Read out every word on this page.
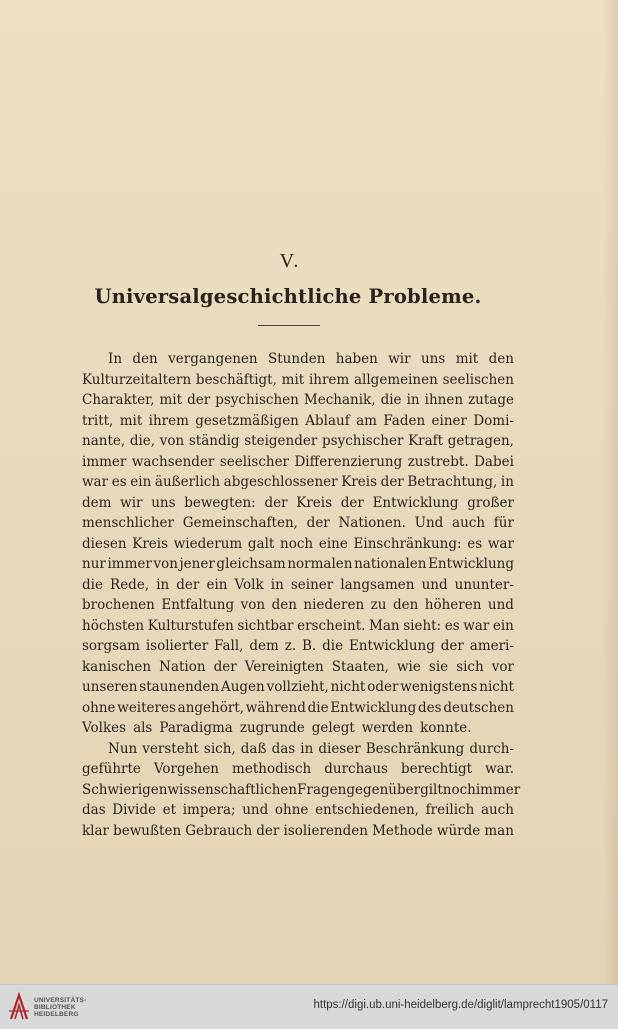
V.
Universalgeschichtliche Probleme.
In den vergangenen Stunden haben wir uns mit den
Kulturzeitaltern beschäftigt, mit ihrem allgemeinen seelischen
Charakter, mit der psychischen Mechanik, die in ihnen zutage
tritt, mit ihrem gesetzmäßigen Ablauf am Faden einer Domi-
nante, die, von ständig steigender psychischer Kraft getragen,
immer wachsender seelischer Differenzierung zustrebt. Dabei
war es ein äußerlich abgeschlossener Kreis der Betrachtung, in
dem wir uns bewegten: der Kreis der Entwicklung großer
menschlicher Gemeinschaften, der Nationen. Und auch für
diesen Kreis wiederum galt noch eine Einschränkung: es war
nur immer von jener gleichsam normalen nationalen Entwicklung
die Rede, in der ein Volk in seiner langsamen und ununter-
brochenen Entfaltung von den niederen zu den höheren und
höchsten Kulturstufen sichtbar erscheint. Man sieht: es war ein
sorgsam isolierter Fall, dem z. B. die Entwicklung der ameri-
kanischen Nation der Vereinigten Staaten, wie sie sich vor
unseren staunenden Augen vollzieht, nicht oder wenigstens nicht
ohne weiteres angehört, während die Entwicklung des deutschen
Volkes als Paradigma zugrunde gelegt werden konnte.
Nun versteht sich, daß das in dieser Beschränkung durch-
geführte Vorgehen methodisch durchaus berechtigt war.
Schwierigen wissenschaftlichen Fragen gegenüber gilt noch immer
das Divide et impera; und ohne entschiedenen, freilich auch
klar bewußten Gebrauch der isolierenden Methode würde man
UNIVERSITÄTS-
BIBLIOTHEK
HEIDELBERG
https://digi.ub.uni-heidelberg.de/diglit/lamprecht1905/0117
